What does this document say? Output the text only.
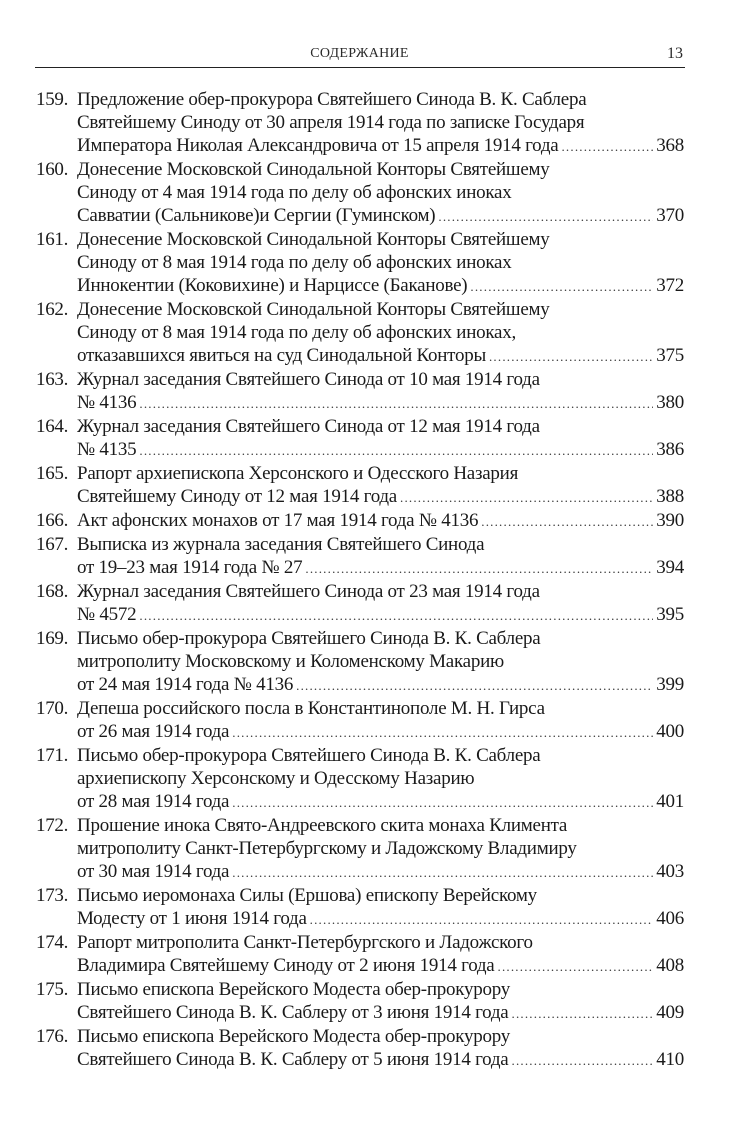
СОДЕРЖАНИЕ	13
159. Предложение обер-прокурора Святейшего Синода В. К. Саблера
Святейшему Синоду от 30 апреля 1914 года по записке Государя
Императора Николая Александровича от 15 апреля 1914 года .....	368
160. Донесение Московской Синодальной Конторы Святейшему
Синоду от 4 мая 1914 года по делу об афонских иноках
Савватии (Сальникове)и Сергии (Гуминском) .....	370
161. Донесение Московской Синодальной Конторы Святейшему
Синоду от 8 мая 1914 года по делу об афонских иноках
Иннокентии (Коковихине) и Нарциссе (Баканове) .....	372
162. Донесение Московской Синодальной Конторы Святейшему
Синоду от 8 мая 1914 года по делу об афонских иноках,
отказавшихся явиться на суд Синодальной Конторы .....	375
163. Журнал заседания Святейшего Синода от 10 мая 1914 года
№ 4136 .....	380
164. Журнал заседания Святейшего Синода от 12 мая 1914 года
№ 4135 .....	386
165. Рапорт архиепископа Херсонского и Одесского Назария
Святейшему Синоду от 12 мая 1914 года .....	388
166. Акт афонских монахов от 17 мая 1914 года № 4136 .....	390
167. Выписка из журнала заседания Святейшего Синода
от 19–23 мая 1914 года № 27 .....	394
168. Журнал заседания Святейшего Синода от 23 мая 1914 года
№ 4572 .....	395
169. Письмо обер-прокурора Святейшего Синода В. К. Саблера
митрополиту Московскому и Коломенскому Макарию
от 24 мая 1914 года № 4136 .....	399
170. Депеша российского посла в Константинополе М. Н. Гирса
от 26 мая 1914 года .....	400
171. Письмо обер-прокурора Святейшего Синода В. К. Саблера
архиепископу Херсонскому и Одесскому Назарию
от 28 мая 1914 года .....	401
172. Прошение инока Свято-Андреевского скита монаха Климента
митрополиту Санкт-Петербургскому и Ладожскому Владимиру
от 30 мая 1914 года .....	403
173. Письмо иеромонаха Силы (Ершова) епископу Верейскому
Модесту от 1 июня 1914 года .....	406
174. Рапорт митрополита Санкт-Петербургского и Ладожского
Владимира Святейшему Синоду от 2 июня 1914 года .....	408
175. Письмо епископа Верейского Модеста обер-прокурору
Святейшего Синода В. К. Саблеру от 3 июня 1914 года .....	409
176. Письмо епископа Верейского Модеста обер-прокурору
Святейшего Синода В. К. Саблеру от 5 июня 1914 года .....	410
